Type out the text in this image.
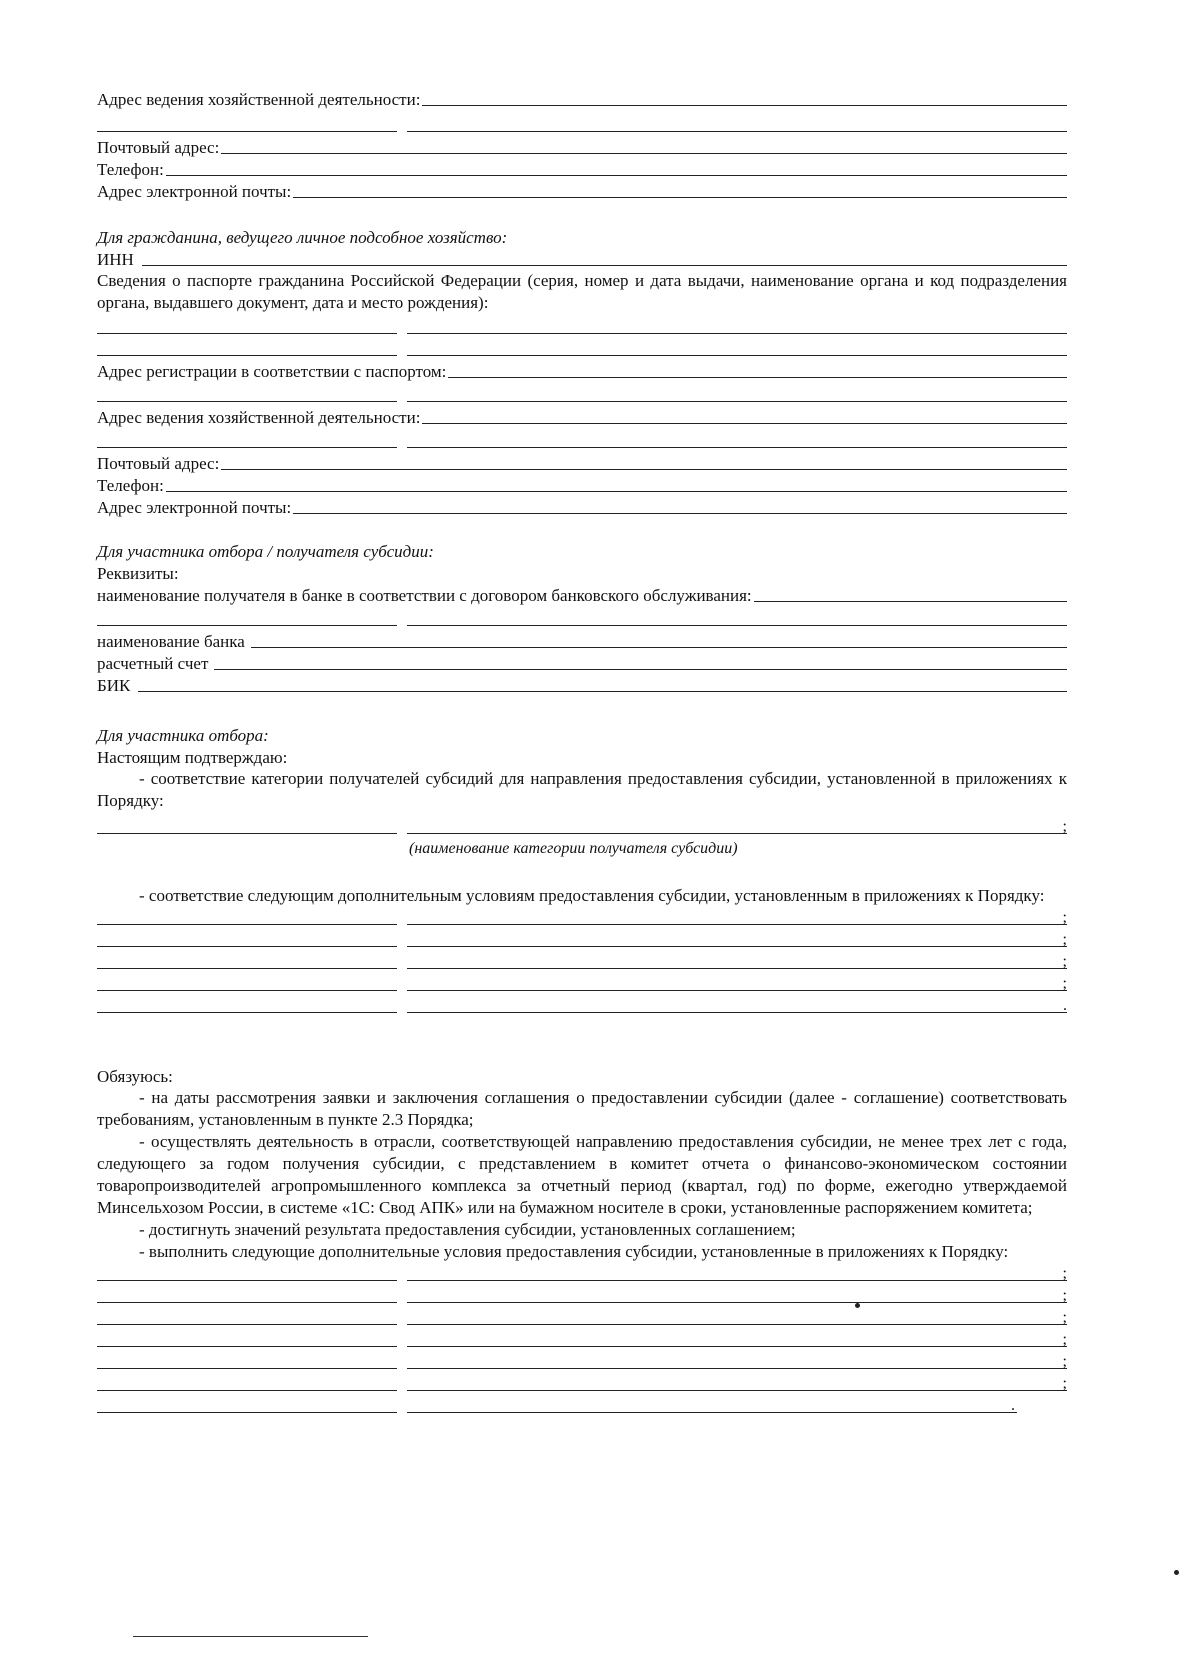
Адрес ведения хозяйственной деятельности:
Почтовый адрес:
Телефон:
Адрес электронной почты:
Для гражданина, ведущего личное подсобное хозяйство:
ИНН
Сведения о паспорте гражданина Российской Федерации (серия, номер и дата выдачи, наименование органа и код подразделения органа, выдавшего документ, дата и место рождения):
Адрес регистрации в соответствии с паспортом:
Адрес ведения хозяйственной деятельности:
Почтовый адрес:
Телефон:
Адрес электронной почты:
Для участника отбора / получателя субсидии:
Реквизиты:
наименование получателя в банке в соответствии с договором банковского обслуживания:
наименование банка
расчетный счет
БИК
Для участника отбора:
Настоящим подтверждаю:
- соответствие категории получателей субсидий для направления предоставления субсидии, установленной в приложениях к Порядку:
;
(наименование категории получателя субсидии)
- соответствие следующим дополнительным условиям предоставления субсидии, установленным в приложениях к Порядку:
;
;
;
;
.
Обязуюсь:
- на даты рассмотрения заявки и заключения соглашения о предоставлении субсидии (далее - соглашение) соответствовать требованиям, установленным в пункте 2.3 Порядка;
- осуществлять деятельность в отрасли, соответствующей направлению предоставления субсидии, не менее трех лет с года, следующего за годом получения субсидии, с представлением в комитет отчета о финансово-экономическом состоянии товаропроизводителей агропромышленного комплекса за отчетный период (квартал, год) по форме, ежегодно утверждаемой Минсельхозом России, в системе «1С: Свод АПК» или на бумажном носителе в сроки, установленные распоряжением комитета;
- достигнуть значений результата предоставления субсидии, установленных соглашением;
- выполнить следующие дополнительные условия предоставления субсидии, установленные в приложениях к Порядку:
;
;
;
;
;
;
.
